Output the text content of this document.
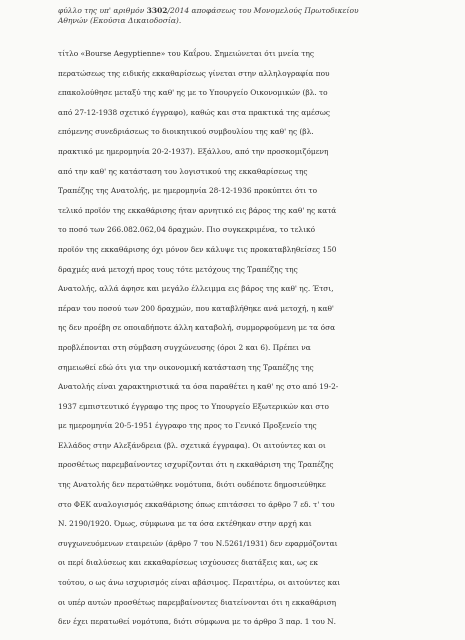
φύλλο της υπ' αριθμόν 3302/2014 αποφάσεως του Μονομελούς Πρωτοδικείου
Αθηνών (Εκούσια Δικαιοδοσία).
τίτλο «Bourse Aegyptienne» του Καΐρου. Σημειώνεται ότι μνεία της
περατώσεως της ειδικής εκκαθαρίσεως γίνεται στην αλληλογραφία που
επακολούθησε μεταξύ της καθ' ης με το Υπουργείο Οικονομικών (βλ. το
από 27-12-1938 σχετικό έγγραφο), καθώς και στα πρακτικά της αμέσως
επόμενης συνεδριάσεως το διοικητικού συμβουλίου της καθ' ης (βλ.
πρακτικό με ημερομηνία 20-2-1937). Εξάλλου, από την προσκομιζόμενη
από την καθ' ης κατάσταση του λογιστικού της εκκαθαρίσεως της
Τραπέζης της Ανατολής, με ημερομηνία 28-12-1936 προκύπτει ότι το
τελικό προϊόν της εκκαθάρισης ήταν αρνητικό εις βάρος της καθ' ης κατά
το ποσό των 266.082.062,04 δραχμών. Πιο συγκεκριμένα, το τελικό
προϊόν της εκκαθάρισης όχι μόνον δεν κάλυψε τις προκαταβληθείσες 150
δραχμές ανά μετοχή προς τους τότε μετόχους της Τραπέζης της
Ανατολής, αλλά άφησε και μεγάλο έλλειμμα εις βάρος της καθ' ης. Έτσι,
πέραν του ποσού των 200 δραχμών, που καταβλήθηκε ανά μετοχή, η καθ'
ης δεν προέβη σε οποιαδήποτε άλλη καταβολή, συμμορφούμενη με τα όσα
προβλέπονται στη σύμβαση συγχώνευσης (όροι 2 και 6). Πρέπει να
σημειωθεί εδώ ότι για την οικονομική κατάσταση της Τραπέζης της
Ανατολής είναι χαρακτηριστικά τα όσα παραθέτει η καθ' ης στο από 19-2-
1937 εμπιστευτικό έγγραφο της προς το Υπουργείο Εξωτερικών και στο
με ημερομηνία 20-5-1951 έγγραφο της προς το Γενικό Προξενείο της
Ελλάδος στην Αλεξάνδρεια (βλ. σχετικά έγγραφα). Οι αιτούντες και οι
προσθέτως παρεμβαίνοντες ισχυρίζονται ότι η εκκαθάριση της Τραπέζης
της Ανατολής δεν περατώθηκε νομότυπα, διότι ουδέποτε δημοσιεύθηκε
στο ΦΕΚ αναλογισμός εκκαθάρισης όπως επιτάσσει το άρθρο 7 εδ. τ' του
Ν. 2190/1920. Όμως, σύμφωνα με τα όσα εκτέθηκαν στην αρχή και
συγχωνευόμενων εταιρειών (άρθρο 7 του Ν.5261/1931) δεν εφαρμόζονται
οι περί διαλύσεως και εκκαθαρίσεως ισχύουσες διατάξεις και, ως εκ
τούτου, ο ως άνω ισχυρισμός είναι αβάσιμος. Περαιτέρω, οι αιτούντες και
οι υπέρ αυτών προσθέτως παρεμβαίνοντες διατείνονται ότι η εκκαθάριση
δεν έχει περατωθεί νομότυπα, διότι σύμφωνα με το άρθρο 3 παρ. 1 του Ν.
